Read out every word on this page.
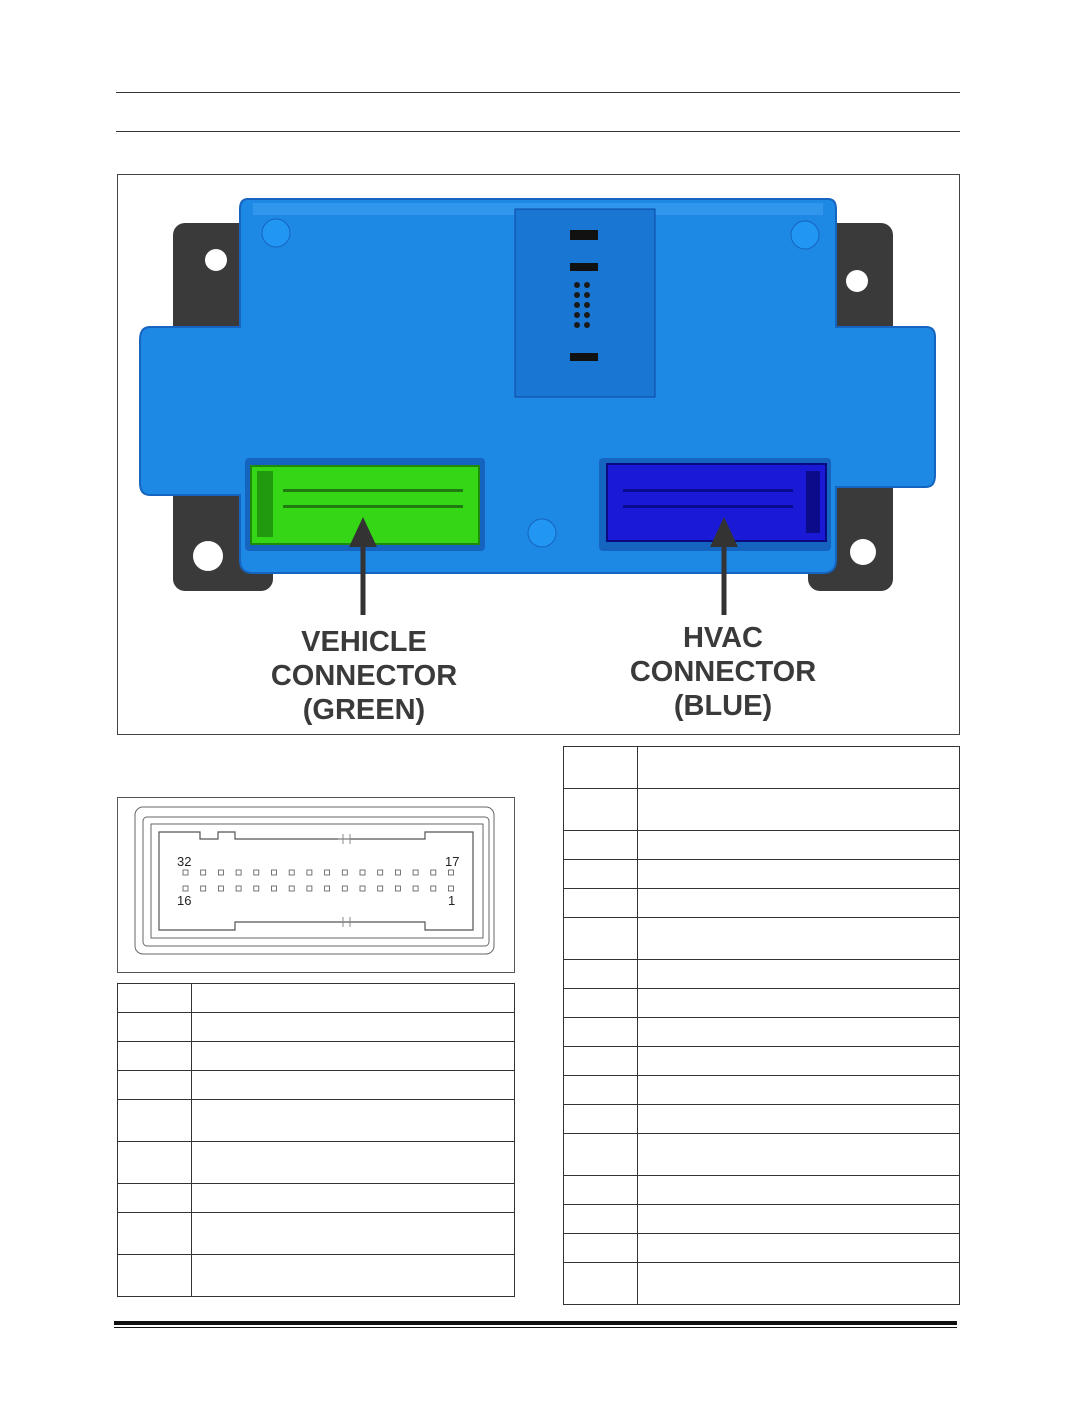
VEHICLE
CONNECTOR
(GREEN)
HVAC
CONNECTOR
(BLUE)
32	17
16	1
